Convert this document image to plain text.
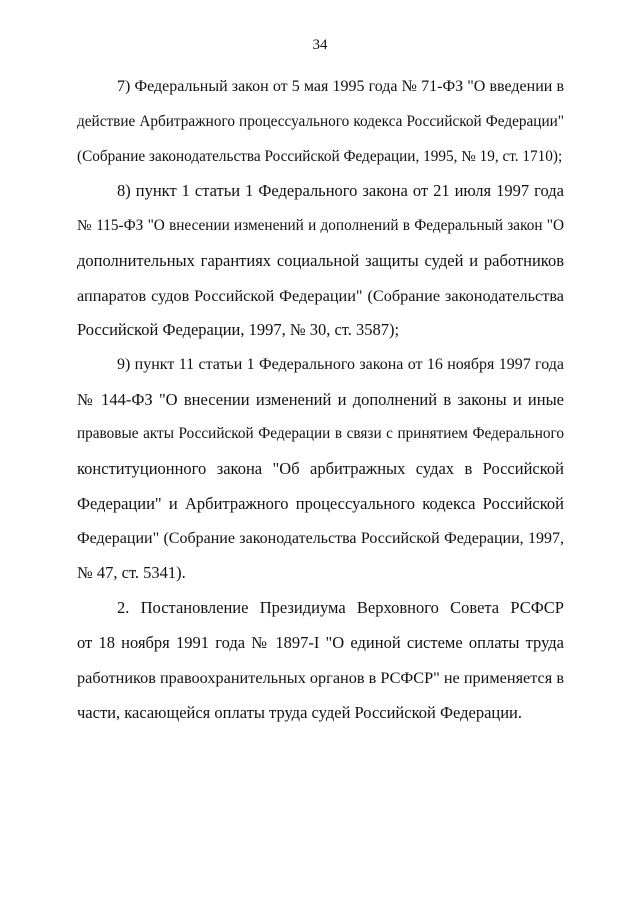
34
7) Федеральный закон от 5 мая 1995 года № 71-ФЗ "О введении в
действие Арбитражного процессуального кодекса Российской Федерации"
(Собрание законодательства Российской Федерации, 1995, № 19, ст. 1710);
8) пункт 1 статьи 1 Федерального закона от 21 июля 1997 года
№ 115-ФЗ "О внесении изменений и дополнений в Федеральный закон "О
дополнительных гарантиях социальной защиты судей и работников
аппаратов судов Российской Федерации" (Собрание законодательства
Российской Федерации, 1997, № 30, ст. 3587);
9) пункт 11 статьи 1 Федерального закона от 16 ноября 1997 года
№ 144-ФЗ "О внесении изменений и дополнений в законы и иные
правовые акты Российской Федерации в связи с принятием Федерального
конституционного закона "Об арбитражных судах в Российской
Федерации" и Арбитражного процессуального кодекса Российской
Федерации" (Собрание законодательства Российской Федерации, 1997,
№ 47, ст. 5341).
2. Постановление Президиума Верховного Совета РСФСР
от 18 ноября 1991 года № 1897-I "О единой системе оплаты труда
работников правоохранительных органов в РСФСР" не применяется в
части, касающейся оплаты труда судей Российской Федерации.
